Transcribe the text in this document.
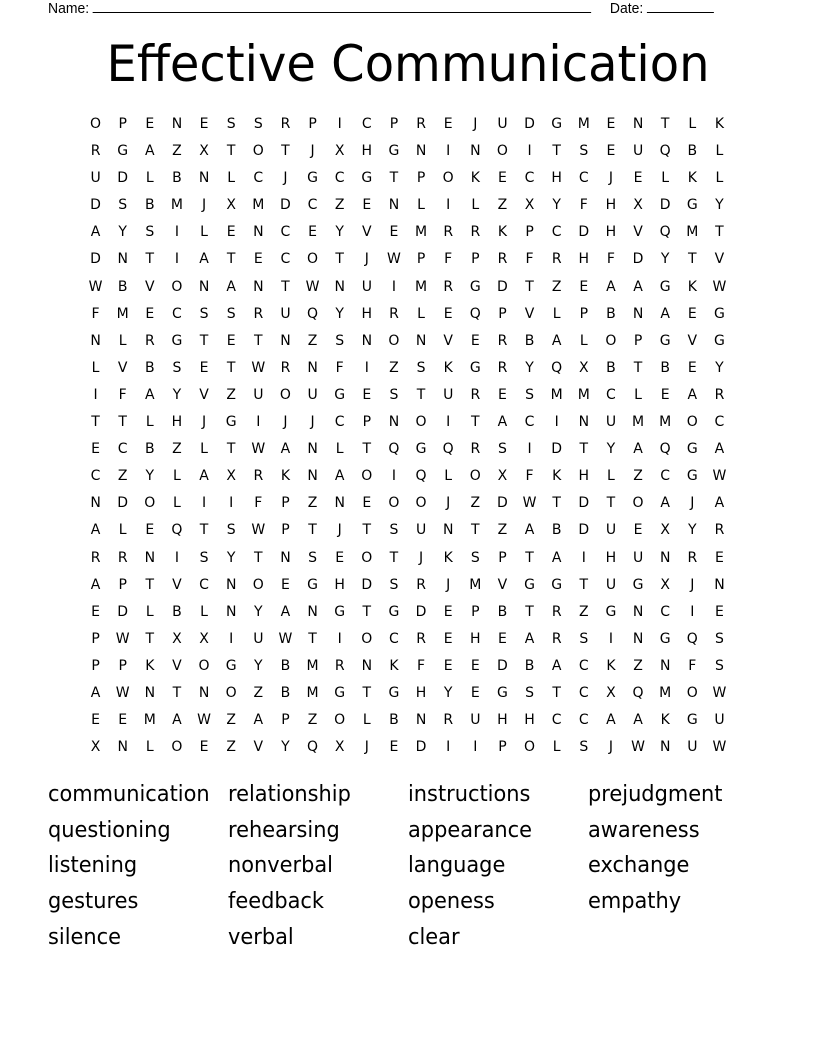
Name:	Date:
Effective Communication
O	P	E	N	E	S	S	R	P	I	C	P	R	E	J	U	D	G	M	E	N	T	L	K
R	G	A	Z	X	T	O	T	J	X	H	G	N	I	N	O	I	T	S	E	U	Q	B	L
U	D	L	B	N	L	C	J	G	C	G	T	P	O	K	E	C	H	C	J	E	L	K	L
D	S	B	M	J	X	M	D	C	Z	E	N	L	I	L	Z	X	Y	F	H	X	D	G	Y
A	Y	S	I	L	E	N	C	E	Y	V	E	M	R	R	K	P	C	D	H	V	Q	M	T
D	N	T	I	A	T	E	C	O	T	J	W	P	F	P	R	F	R	H	F	D	Y	T	V
W	B	V	O	N	A	N	T	W	N	U	I	M	R	G	D	T	Z	E	A	A	G	K	W
F	M	E	C	S	S	R	U	Q	Y	H	R	L	E	Q	P	V	L	P	B	N	A	E	G
N	L	R	G	T	E	T	N	Z	S	N	O	N	V	E	R	B	A	L	O	P	G	V	G
L	V	B	S	E	T	W	R	N	F	I	Z	S	K	G	R	Y	Q	X	B	T	B	E	Y
I	F	A	Y	V	Z	U	O	U	G	E	S	T	U	R	E	S	M	M	C	L	E	A	R
T	T	L	H	J	G	I	J	J	C	P	N	O	I	T	A	C	I	N	U	M	M	O	C
E	C	B	Z	L	T	W	A	N	L	T	Q	G	Q	R	S	I	D	T	Y	A	Q	G	A
C	Z	Y	L	A	X	R	K	N	A	O	I	Q	L	O	X	F	K	H	L	Z	C	G	W
N	D	O	L	I	I	F	P	Z	N	E	O	O	J	Z	D	W	T	D	T	O	A	J	A
A	L	E	Q	T	S	W	P	T	J	T	S	U	N	T	Z	A	B	D	U	E	X	Y	R
R	R	N	I	S	Y	T	N	S	E	O	T	J	K	S	P	T	A	I	H	U	N	R	E
A	P	T	V	C	N	O	E	G	H	D	S	R	J	M	V	G	G	T	U	G	X	J	N
E	D	L	B	L	N	Y	A	N	G	T	G	D	E	P	B	T	R	Z	G	N	C	I	E
P	W	T	X	X	I	U	W	T	I	O	C	R	E	H	E	A	R	S	I	N	G	Q	S
P	P	K	V	O	G	Y	B	M	R	N	K	F	E	E	D	B	A	C	K	Z	N	F	S
A	W	N	T	N	O	Z	B	M	G	T	G	H	Y	E	G	S	T	C	X	Q	M	O	W
E	E	M	A	W	Z	A	P	Z	O	L	B	N	R	U	H	H	C	C	A	A	K	G	U
X	N	L	O	E	Z	V	Y	Q	X	J	E	D	I	I	P	O	L	S	J	W	N	U	W
communication
questioning
listening
gestures
silence
relationship
rehearsing
nonverbal
feedback
verbal
instructions
appearance
language
openess
clear
prejudgment
awareness
exchange
empathy
